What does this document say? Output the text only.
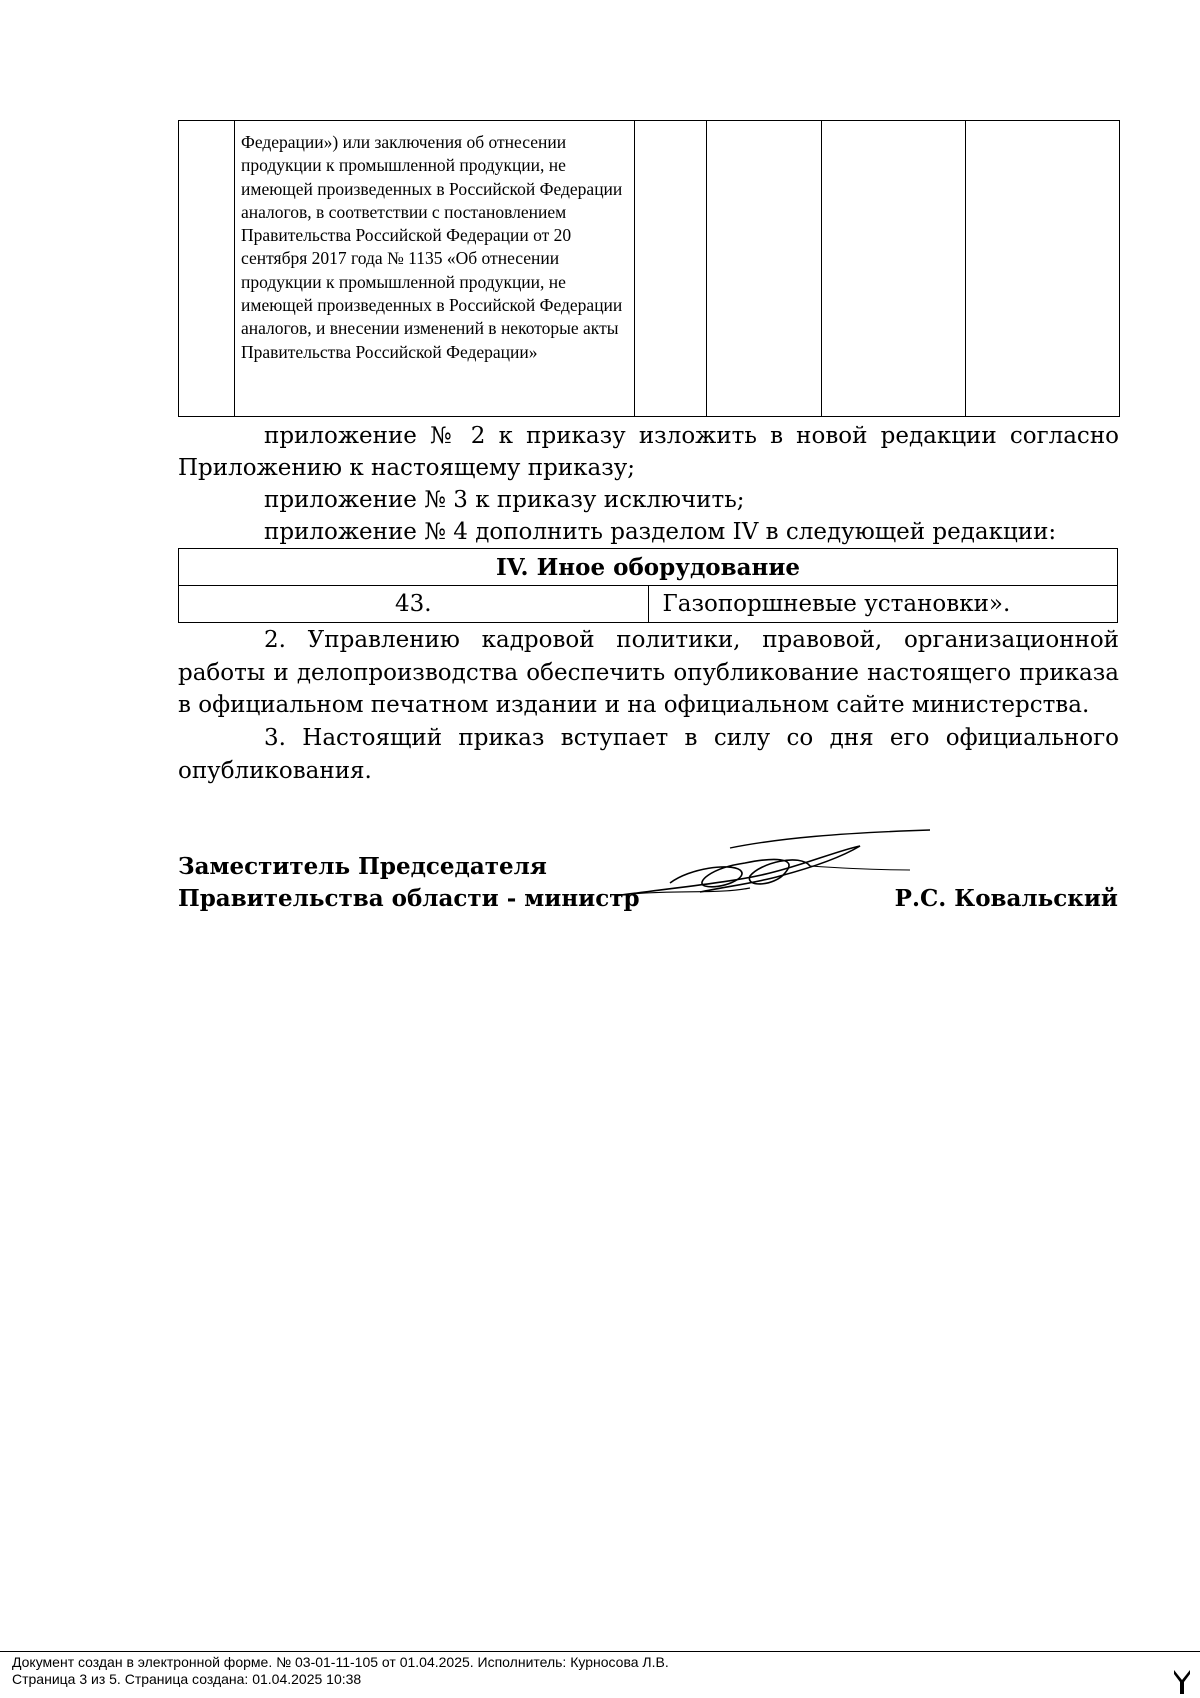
	Федерации») или заключения об отнесении продукции к промышленной продукции, не имеющей произведенных в Российской Федерации аналогов, в соответствии с постановлением Правительства Российской Федерации от 20 сентября 2017 года № 1135 «Об отнесении продукции к промышленной продукции, не имеющей произведенных в Российской Федерации аналогов, и внесении изменений в некоторые акты Правительства Российской Федерации»				

приложение № 2 к приказу изложить в новой редакции согласно

Приложению к настоящему приказу;

приложение № 3 к приказу исключить;

приложение № 4 дополнить разделом IV в следующей редакции:

IV. Иное оборудование
43.	Газопоршневые установки».

2. Управлению кадровой политики, правовой, организационной работы и делопроизводства обеспечить опубликование настоящего приказа в официальном печатном издании и на официальном сайте министерства.

3. Настоящий приказ вступает в силу со дня его официального опубликования.

Заместитель Председателя
Правительства области - министр	Р.С. Ковальский
Документ создан в электронной форме. № 03-01-11-105 от 01.04.2025. Исполнитель: Курносова Л.В.
Страница 3 из 5. Страница создана: 01.04.2025 10:38
